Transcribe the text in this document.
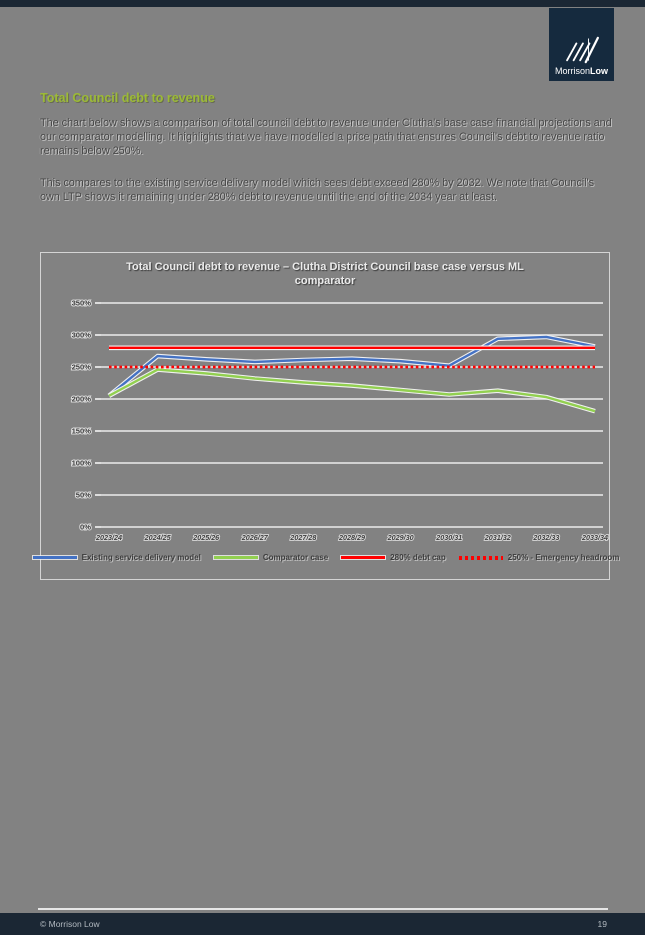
MorrisonLow
Total Council debt to revenue
The chart below shows a comparison of total council debt to revenue under Clutha's base case financial projections and our comparator modelling. It highlights that we have modelled a price path that ensures Council's debt to revenue ratio remains below 250%.
This compares to the existing service delivery model which sees debt exceed 280% by 2032. We note that Council's own LTP shows it remaining under 280% debt to revenue until the end of the 2034 year at least.
Total Council debt to revenue – Clutha District Council base case versus ML comparator
0%
50%
100%
150%
200%
250%
300%
350%
2023/24	2024/25	2025/26	2026/27	2027/28	2028/29	2029/30	2030/31	2031/32	2032/33	2033/34
Existing service delivery model	Comparator case	280% debt cap	250% - Emergency headroom
© Morrison Low	19
